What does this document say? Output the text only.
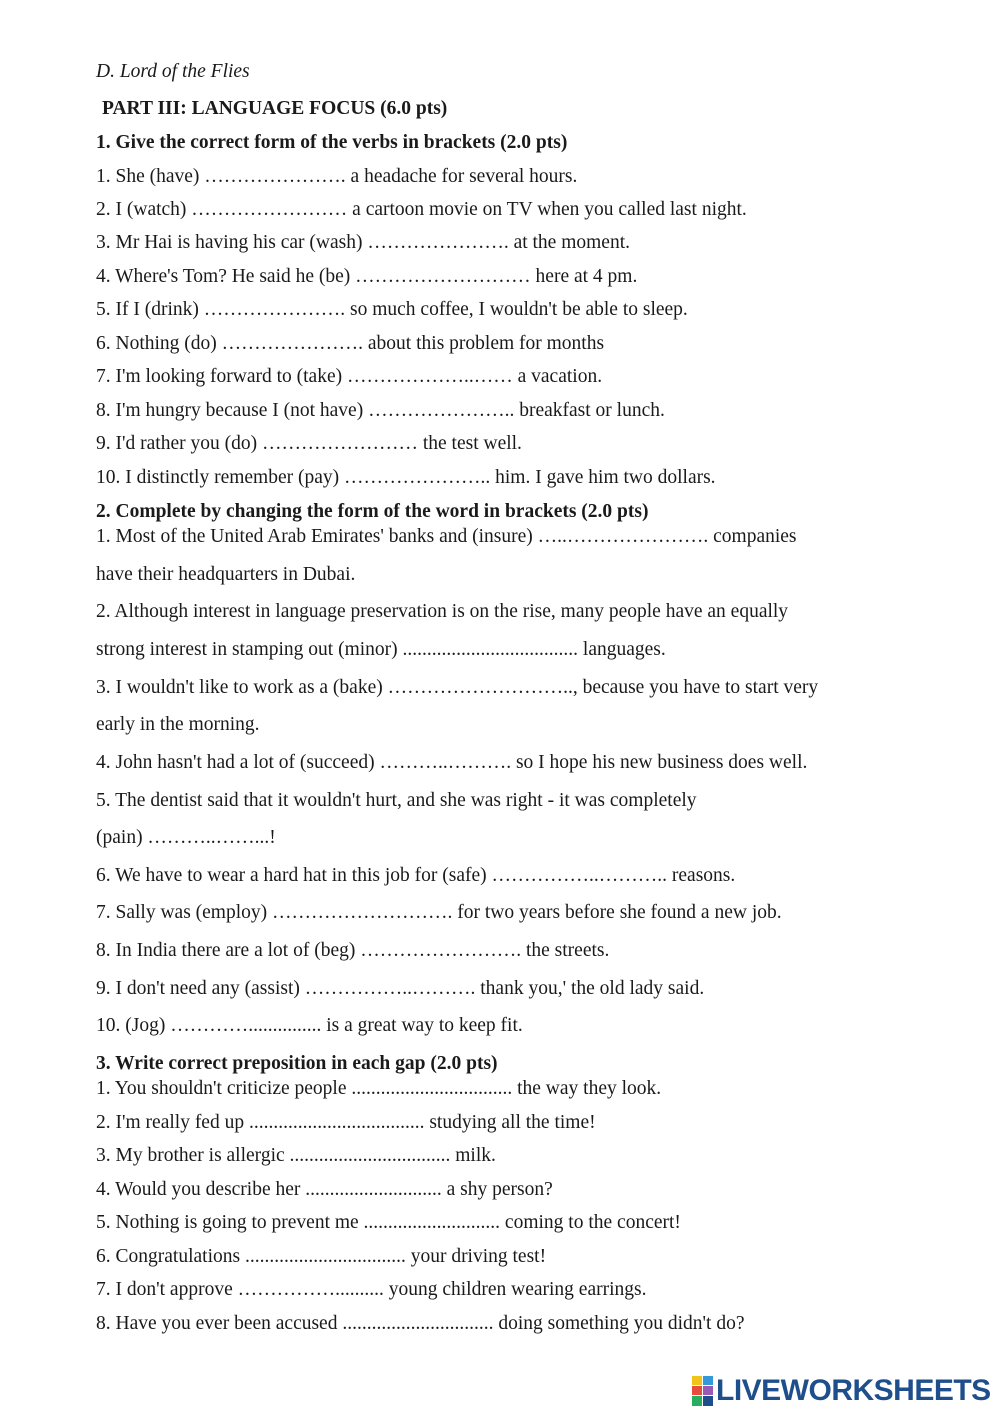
D. Lord of the Flies
PART III: LANGUAGE FOCUS (6.0 pts)
1. Give the correct form of the verbs in brackets (2.0 pts)
1. She (have) …………………. a headache for several hours.
2. I (watch) …………………… a cartoon movie on TV when you called last night.
3. Mr Hai is having his car (wash) …………………. at the moment.
4. Where's Tom? He said he (be) ……………………… here at 4 pm.
5. If I (drink) …………………. so much coffee, I wouldn't be able to sleep.
6. Nothing (do) …………………. about this problem for months
7. I'm looking forward to (take) ………………..…… a vacation.
8. I'm hungry because I (not have) ………………….. breakfast or lunch.
9. I'd rather you (do) …………………… the test well.
10. I distinctly remember (pay) ………………….. him. I gave him two dollars.
2. Complete by changing the form of the word in brackets (2.0 pts)
1. Most of the United Arab Emirates' banks and (insure) …..…………………. companies
have their headquarters in Dubai.
2. Although interest in language preservation is on the rise, many people have an equally
strong interest in stamping out (minor) .................................... languages.
3. I wouldn't like to work as a (bake) ……………………….., because you have to start very
early in the morning.
4. John hasn't had a lot of (succeed) ………..………. so I hope his new business does well.
5. The dentist said that it wouldn't hurt, and she was right - it was completely
(pain) ………..……...!
6. We have to wear a hard hat in this job for (safe) ……………..……….. reasons.
7. Sally was (employ) ………………………. for two years before she found a new job.
8. In India there are a lot of (beg) ……………………. the streets.
9. I don't need any (assist) ……………..………. thank you,' the old lady said.
10. (Jog) …………............... is a great way to keep fit.
3. Write correct preposition in each gap (2.0 pts)
1. You shouldn't criticize people ................................. the way they look.
2. I'm really fed up .................................... studying all the time!
3. My brother is allergic ................................. milk.
4. Would you describe her ............................ a shy person?
5. Nothing is going to prevent me ............................ coming to the concert!
6. Congratulations ................................. your driving test!
7. I don't approve …………….......... young children wearing earrings.
8. Have you ever been accused ............................... doing something you didn't do?
LIVEWORKSHEETS
